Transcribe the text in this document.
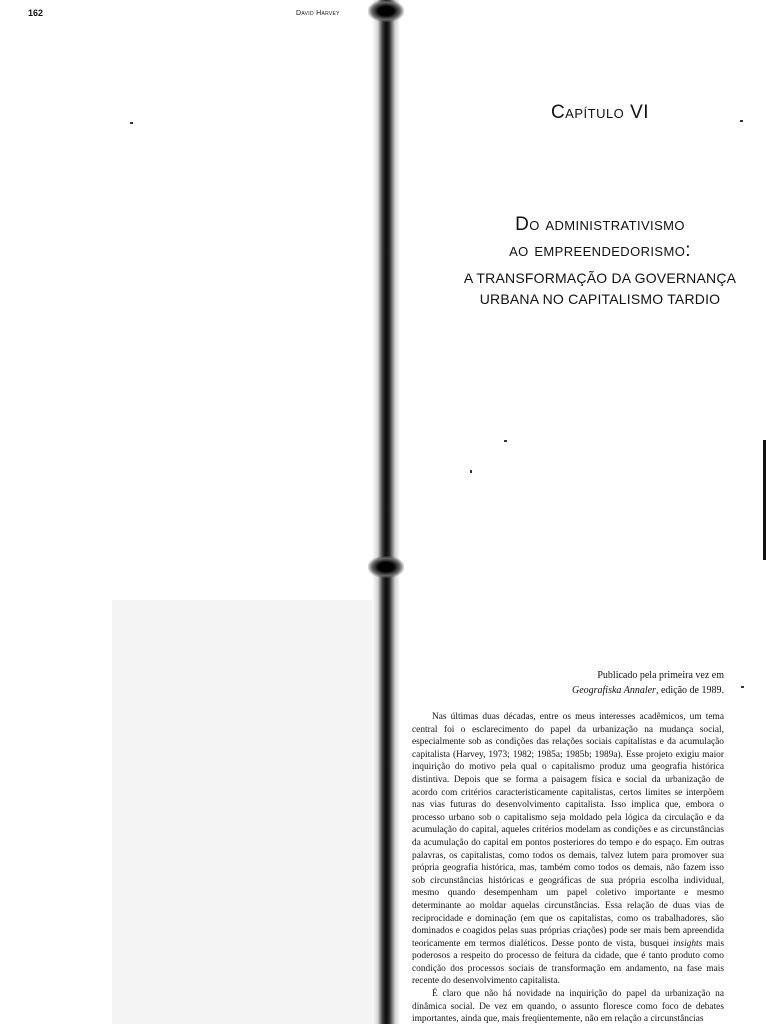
162	David Harvey
Capítulo VI
Do administrativismo
ao empreendedorismo:
A TRANSFORMAÇÃO DA GOVERNANÇA
URBANA NO CAPITALISMO TARDIO
Publicado pela primeira vez em
Geografiska Annaler, edição de 1989.

Nas últimas duas décadas, entre os meus interesses acadêmicos, um tema central foi o esclarecimento do papel da urbanização na mudança social, especialmente sob as condições das relações sociais capitalistas e da acumulação capitalista (Harvey, 1973; 1982; 1985a; 1985b; 1989a). Esse projeto exigiu maior inquirição do motivo pela qual o capitalismo produz uma geografia histórica distintiva. Depois que se forma a paisagem física e social da urbanização de acordo com critérios caracteristicamente capitalistas, certos limites se interpõem nas vias futuras do desenvolvimento capitalista. Isso implica que, embora o processo urbano sob o capitalismo seja moldado pela lógica da circulação e da acumulação do capital, aqueles critérios modelam as condições e as circunstâncias da acumulação do capital em pontos posteriores do tempo e do espaço. Em outras palavras, os capitalistas, como todos os demais, talvez lutem para promover sua própria geografia histórica, mas, também como todos os demais, não fazem isso sob circunstâncias históricas e geográficas de sua própria escolha individual, mesmo quando desempenham um papel coletivo importante e mesmo determinante ao moldar aquelas circunstâncias. Essa relação de duas vias de reciprocidade e dominação (em que os capitalistas, como os trabalhadores, são dominados e coagidos pelas suas próprias criações) pode ser mais bem apreendida teoricamente em termos dialéticos. Desse ponto de vista, busquei insights mais poderosos a respeito do processo de feitura da cidade, que é tanto produto como condição dos processos sociais de transformação em andamento, na fase mais recente do desenvolvimento capitalista.

É claro que não há novidade na inquirição do papel da urbanização na dinâmica social. De vez em quando, o assunto floresce como foco de debates importantes, ainda que, mais freqüentemente, não em relação a circunstâncias
